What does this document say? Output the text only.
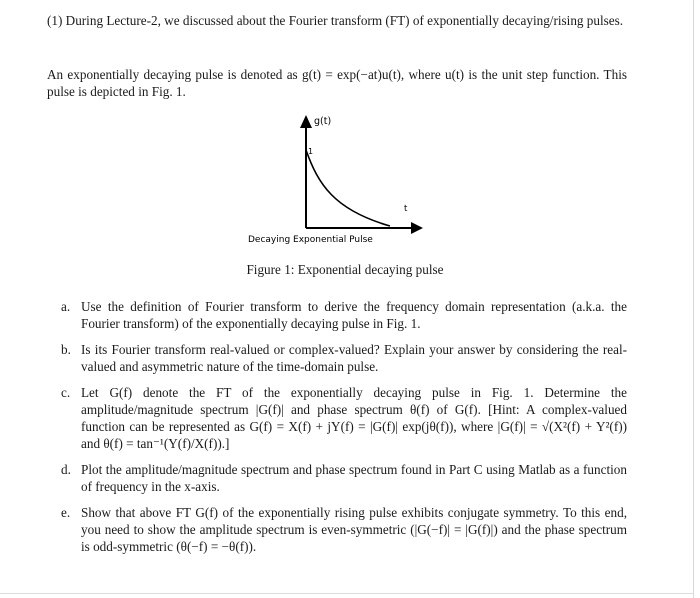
(1) During Lecture-2, we discussed about the Fourier transform (FT) of exponentially decaying/rising pulses.
An exponentially decaying pulse is denoted as g(t) = exp(−at)u(t), where u(t) is the unit step function. This pulse is depicted in Fig. 1.
g(t)
1
t
Decaying Exponential Pulse
Figure 1: Exponential decaying pulse
a. Use the definition of Fourier transform to derive the frequency domain representation (a.k.a. the Fourier transform) of the exponentially decaying pulse in Fig. 1.
b. Is its Fourier transform real-valued or complex-valued? Explain your answer by considering the real-valued and asymmetric nature of the time-domain pulse.
c. Let G(f) denote the FT of the exponentially decaying pulse in Fig. 1. Determine the amplitude/magnitude spectrum |G(f)| and phase spectrum θ(f) of G(f). [Hint: A complex-valued function can be represented as G(f) = X(f) + jY(f) = |G(f)| exp(jθ(f)), where |G(f)| = √(X²(f) + Y²(f)) and θ(f) = tan⁻¹(Y(f)/X(f)).]
d. Plot the amplitude/magnitude spectrum and phase spectrum found in Part C using Matlab as a function of frequency in the x-axis.
e. Show that above FT G(f) of the exponentially rising pulse exhibits conjugate symmetry. To this end, you need to show the amplitude spectrum is even-symmetric (|G(−f)| = |G(f)|) and the phase spectrum is odd-symmetric (θ(−f) = −θ(f)).
